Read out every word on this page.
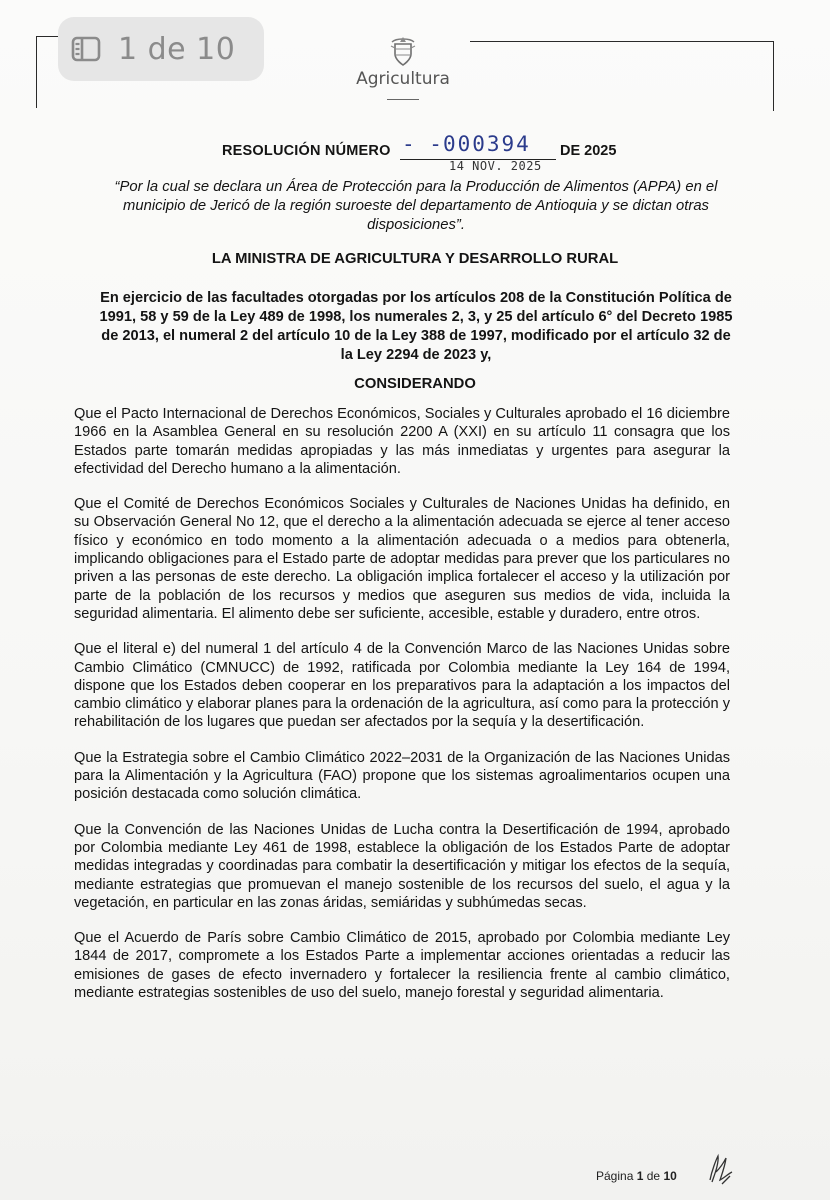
1 de 10
Agricultura
RESOLUCIÓN NÚMERO - -000394	DE 2025
14 NOV. 2025
“Por la cual se declara un Área de Protección para la Producción de Alimentos (APPA) en el municipio de Jericó de la región suroeste del departamento de Antioquia y se dictan otras disposiciones”.
LA MINISTRA DE AGRICULTURA Y DESARROLLO RURAL
En ejercicio de las facultades otorgadas por los artículos 208 de la Constitución Política de 1991, 58 y 59 de la Ley 489 de 1998, los numerales 2, 3, y 25 del artículo 6° del Decreto 1985 de 2013, el numeral 2 del artículo 10 de la Ley 388 de 1997, modificado por el artículo 32 de la Ley 2294 de 2023 y,
CONSIDERANDO

Que el Pacto Internacional de Derechos Económicos, Sociales y Culturales aprobado el 16 diciembre 1966 en la Asamblea General en su resolución 2200 A (XXI) en su artículo 11 consagra que los Estados parte tomarán medidas apropiadas y las más inmediatas y urgentes para asegurar la efectividad del Derecho humano a la alimentación.

Que el Comité de Derechos Económicos Sociales y Culturales de Naciones Unidas ha definido, en su Observación General No 12, que el derecho a la alimentación adecuada se ejerce al tener acceso físico y económico en todo momento a la alimentación adecuada o a medios para obtenerla, implicando obligaciones para el Estado parte de adoptar medidas para prever que los particulares no priven a las personas de este derecho. La obligación implica fortalecer el acceso y la utilización por parte de la población de los recursos y medios que aseguren sus medios de vida, incluida la seguridad alimentaria. El alimento debe ser suficiente, accesible, estable y duradero, entre otros.

Que el literal e) del numeral 1 del artículo 4 de la Convención Marco de las Naciones Unidas sobre Cambio Climático (CMNUCC) de 1992, ratificada por Colombia mediante la Ley 164 de 1994, dispone que los Estados deben cooperar en los preparativos para la adaptación a los impactos del cambio climático y elaborar planes para la ordenación de la agricultura, así como para la protección y rehabilitación de los lugares que puedan ser afectados por la sequía y la desertificación.

Que la Estrategia sobre el Cambio Climático 2022–2031 de la Organización de las Naciones Unidas para la Alimentación y la Agricultura (FAO) propone que los sistemas agroalimentarios ocupen una posición destacada como solución climática.

Que la Convención de las Naciones Unidas de Lucha contra la Desertificación de 1994, aprobado por Colombia mediante Ley 461 de 1998, establece la obligación de los Estados Parte de adoptar medidas integradas y coordinadas para combatir la desertificación y mitigar los efectos de la sequía, mediante estrategias que promuevan el manejo sostenible de los recursos del suelo, el agua y la vegetación, en particular en las zonas áridas, semiáridas y subhúmedas secas.

Que el Acuerdo de París sobre Cambio Climático de 2015, aprobado por Colombia mediante Ley 1844 de 2017, compromete a los Estados Parte a implementar acciones orientadas a reducir las emisiones de gases de efecto invernadero y fortalecer la resiliencia frente al cambio climático, mediante estrategias sostenibles de uso del suelo, manejo forestal y seguridad alimentaria.

Página 1 de 10
